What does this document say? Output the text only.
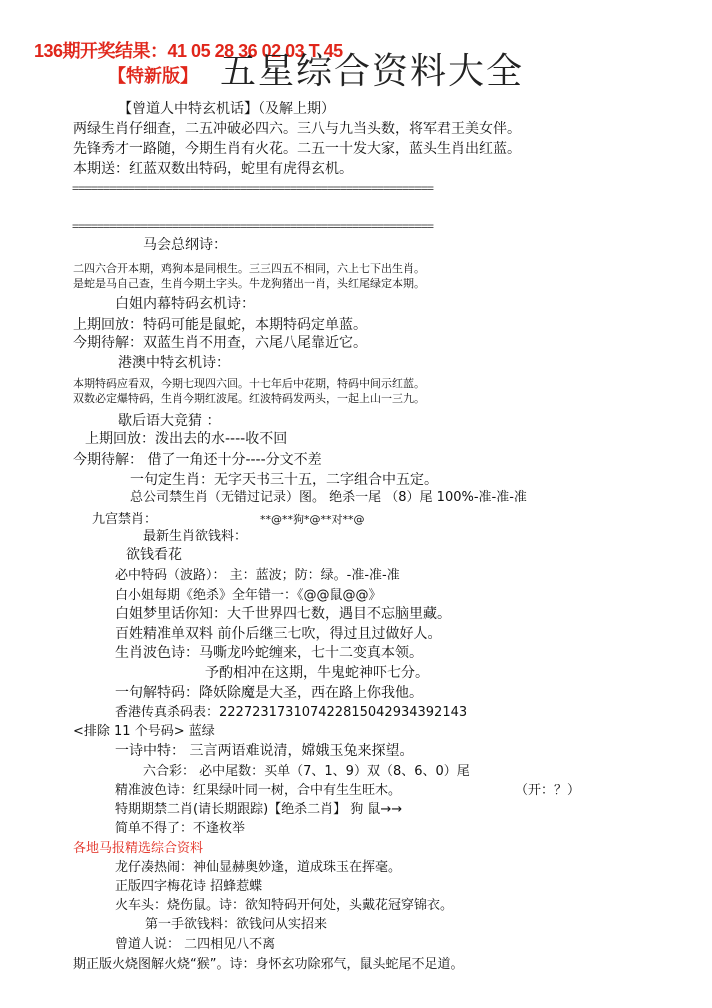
136期开奖结果：41 05 28 36 02 03 T 45
【特新版】 五星综合资料大全
【曾道人中特玄机话】（及解上期）
两绿生肖仔细查，二五冲破必四六。三八与九当头数，将军君王美女伴。
先锋秀才一路随，今期生肖有火花。二五一十发大家，蓝头生肖出红蓝。
本期送：红蓝双数出特码，蛇里有虎得玄机。
==========================================================
==========================================================
马会总纲诗：
二四六合开本期，鸡狗本是同根生。三三四五不相同，六上七下出生肖。
是蛇是马自己查，生肖今期土字头。牛龙狗猪出一肖，头红尾绿定本期。
白姐内幕特码玄机诗：
上期回放：特码可能是鼠蛇，本期特码定单蓝。
今期待解：双蓝生肖不用查，六尾八尾靠近它。
港澳中特玄机诗：
本期特码应看双，今期七现四六回。十七年后中花期，特码中间示红蓝。
双数必定爆特码，生肖今期红波尾。红波特码发两头，一起上山一三九。
歇后语大竞猜 ：
上期回放：泼出去的水----收不回
今期待解： 借了一角还十分----分文不差
一句定生肖：无字天书三十五，二字组合中五定。
总公司禁生肖（无错过记录）图。 绝杀一尾 （8）尾 100%-准-准-准
九宫禁肖：	**@**狗*@**对**@
最新生肖欲钱料：
欲钱看花
必中特码（波路）： 主：蓝波；防：绿。-准-准-准
白小姐每期《绝杀》全年错一：《@@鼠@@》
白姐梦里话你知：大千世界四七数，遇目不忘脑里藏。
百姓精准单双料 前仆后继三七吹，得过且过做好人。
生肖波色诗：马嘶龙吟蛇缠来，七十二变真本领。
予酌相冲在这期，牛鬼蛇神吓七分。
一句解特码：降妖除魔是大圣，西在路上你我他。
香港传真杀码表：2227231731074228150429343921​43
<排除 11 个号码> 蓝绿
一诗中特： 三言两语难说清，嫦娥玉兔来探望。
六合彩： 必中尾数：买单（7、1、9）双（8、6、0）尾
精准波色诗：红果绿叶同一树，合中有生生旺木。	（开：？）
特期期禁二肖(请长期跟踪)【绝杀二肖】 狗 鼠→→
简单不得了：不逢枚举
各地马报精选综合资料
龙仔凑热闹：神仙显赫奥妙逢，道成珠玉在挥毫。
正版四字梅花诗 招蜂惹蝶
火车头：烧伤鼠。诗：欲知特码开何处，头戴花冠穿锦衣。
第一手欲钱料：欲钱问从实招来
曾道人说： 二四相见八不离
期正版火烧图解火烧“猴”。诗：身怀玄功除邪气，鼠头蛇尾不足道。
